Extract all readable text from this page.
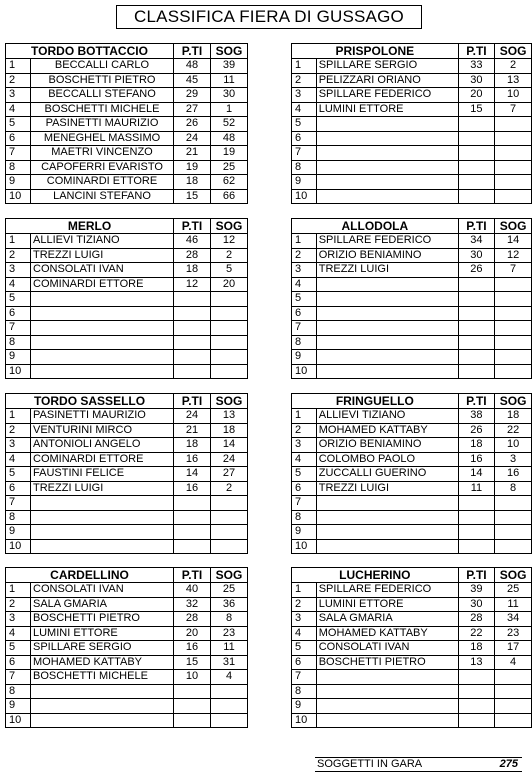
CLASSIFICA FIERA DI GUSSAGO
TORDO BOTTACCIO		P.TI	SOG
1	BECCALLI CARLO	48	39
2	BOSCHETTI PIETRO	45	11
3	BECCALLI STEFANO	29	30
4	BOSCHETTI MICHELE	27	1
5	PASINETTI MAURIZIO	26	52
6	MENEGHEL MASSIMO	24	48
7	MAETRI VINCENZO	21	19
8	CAPOFERRI EVARISTO	19	25
9	COMINARDI ETTORE	18	62
10	LANCINI STEFANO	15	66
PRISPOLONE		P.TI	SOG
1	SPILLARE SERGIO	33	2
2	PELIZZARI ORIANO	30	13
3	SPILLARE FEDERICO	20	10
4	LUMINI ETTORE	15	7
5			
6			
7			
8			
9			
10			
MERLO		P.TI	SOG
1	ALLIEVI TIZIANO	46	12
2	TREZZI LUIGI	28	2
3	CONSOLATI IVAN	18	5
4	COMINARDI ETTORE	12	20
5			
6			
7			
8			
9			
10			
ALLODOLA		P.TI	SOG
1	SPILLARE FEDERICO	34	14
2	ORIZIO BENIAMINO	30	12
3	TREZZI LUIGI	26	7
4			
5			
6			
7			
8			
9			
10			
TORDO SASSELLO		P.TI	SOG
1	PASINETTI MAURIZIO	24	13
2	VENTURINI MIRCO	21	18
3	ANTONIOLI ANGELO	18	14
4	COMINARDI ETTORE	16	24
5	FAUSTINI FELICE	14	27
6	TREZZI LUIGI	16	2
7			
8			
9			
10			
FRINGUELLO		P.TI	SOG
1	ALLIEVI TIZIANO	38	18
2	MOHAMED KATTABY	26	22
3	ORIZIO BENIAMINO	18	10
4	COLOMBO PAOLO	16	3
5	ZUCCALLI GUERINO	14	16
6	TREZZI LUIGI	11	8
7			
8			
9			
10			
CARDELLINO		P.TI	SOG
1	CONSOLATI IVAN	40	25
2	SALA GMARIA	32	36
3	BOSCHETTI PIETRO	28	8
4	LUMINI ETTORE	20	23
5	SPILLARE SERGIO	16	11
6	MOHAMED KATTABY	15	31
7	BOSCHETTI MICHELE	10	4
8			
9			
10			
LUCHERINO		P.TI	SOG
1	SPILLARE FEDERICO	39	25
2	LUMINI ETTORE	30	11
3	SALA GMARIA	28	34
4	MOHAMED KATTABY	22	23
5	CONSOLATI IVAN	18	17
6	BOSCHETTI PIETRO	13	4
7			
8			
9			
10			
SOGGETTI IN GARA	275
